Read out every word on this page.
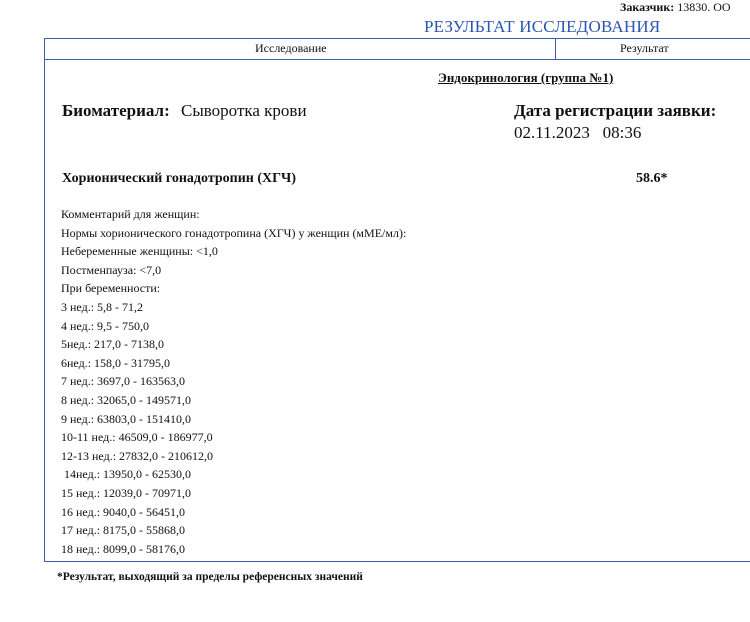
Заказчик: 13830. ОО
РЕЗУЛЬТАТ ИССЛЕДОВАНИЯ
Исследование	Результат
Эндокринология (группа №1)
Биоматериал: Сыворотка крови	Дата регистрации заявки:
02.11.2023   08:36
Хорионический гонадотропин (ХГЧ)	58.6*
Комментарий для женщин:
Нормы хорионического гонадотропина (ХГЧ) у женщин (мМЕ/мл):
Небеременные женщины: <1,0
Постменпауза: <7,0
При беременности:
3 нед.: 5,8 - 71,2
4 нед.: 9,5 - 750,0
5нед.: 217,0 - 7138,0
6нед.: 158,0 - 31795,0
7 нед.: 3697,0 - 163563,0
8 нед.: 32065,0 - 149571,0
9 нед.: 63803,0 - 151410,0
10-11 нед.: 46509,0 - 186977,0
12-13 нед.: 27832,0 - 210612,0
14нед.: 13950,0 - 62530,0
15 нед.: 12039,0 - 70971,0
16 нед.: 9040,0 - 56451,0
17 нед.: 8175,0 - 55868,0
18 нед.: 8099,0 - 58176,0
*Результат, выходящий за пределы референсных значений
